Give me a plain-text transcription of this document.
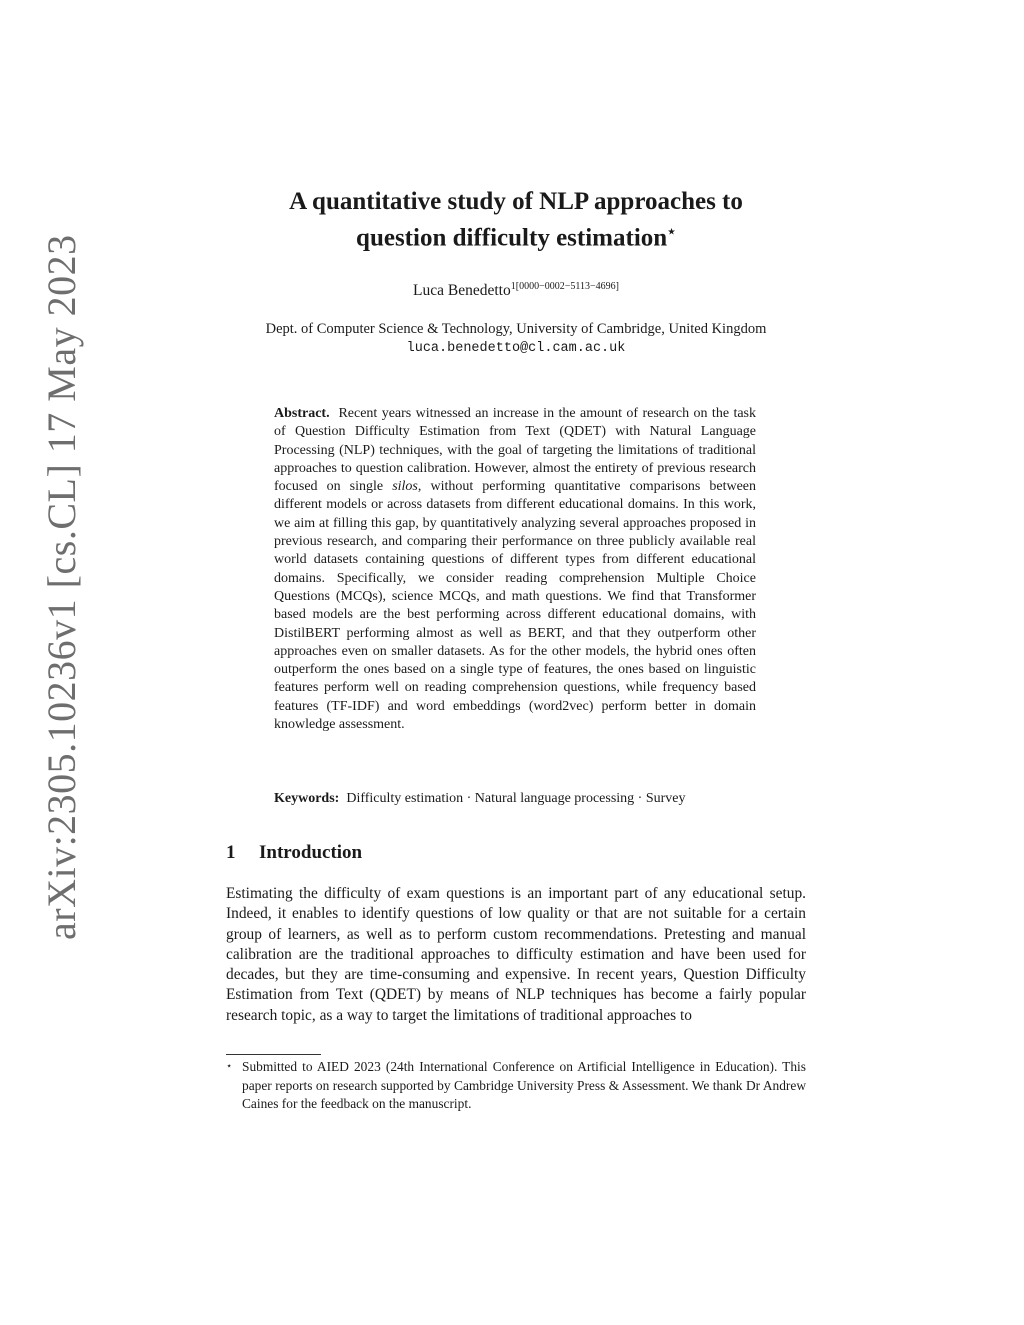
arXiv:2305.10236v1 [cs.CL] 17 May 2023
A quantitative study of NLP approaches to
question difficulty estimation⋆
Luca Benedetto$^{1[0000-0002-5113-4696]}$
Dept. of Computer Science & Technology, University of Cambridge, United Kingdom
luca.benedetto@cl.cam.ac.uk
Abstract. Recent years witnessed an increase in the amount of research on the task of Question Difficulty Estimation from Text (QDET) with Natural Language Processing (NLP) techniques, with the goal of targeting the limitations of traditional approaches to question calibration. However, almost the entirety of previous research focused on single silos, without performing quantitative comparisons between different models or across datasets from different educational domains. In this work, we aim at filling this gap, by quantitatively analyzing several approaches proposed in previous research, and comparing their performance on three publicly available real world datasets containing questions of different types from different educational domains. Specifically, we consider reading comprehension Multiple Choice Questions (MCQs), science MCQs, and math questions. We find that Transformer based models are the best performing across different educational domains, with DistilBERT performing almost as well as BERT, and that they outperform other approaches even on smaller datasets. As for the other models, the hybrid ones often outperform the ones based on a single type of features, the ones based on linguistic features perform well on reading comprehension questions, while frequency based features (TF-IDF) and word embeddings (word2vec) perform better in domain knowledge assessment.
Keywords: Difficulty estimation · Natural language processing · Survey
1 Introduction

Estimating the difficulty of exam questions is an important part of any educational setup. Indeed, it enables to identify questions of low quality or that are not suitable for a certain group of learners, as well as to perform custom recommendations. Pretesting and manual calibration are the traditional approaches to difficulty estimation and have been used for decades, but they are time-consuming and expensive. In recent years, Question Difficulty Estimation from Text (QDET) by means of NLP techniques has become a fairly popular research topic, as a way to target the limitations of traditional approaches to

⋆ Submitted to AIED 2023 (24th International Conference on Artificial Intelligence in Education). This paper reports on research supported by Cambridge University Press & Assessment. We thank Dr Andrew Caines for the feedback on the manuscript.
